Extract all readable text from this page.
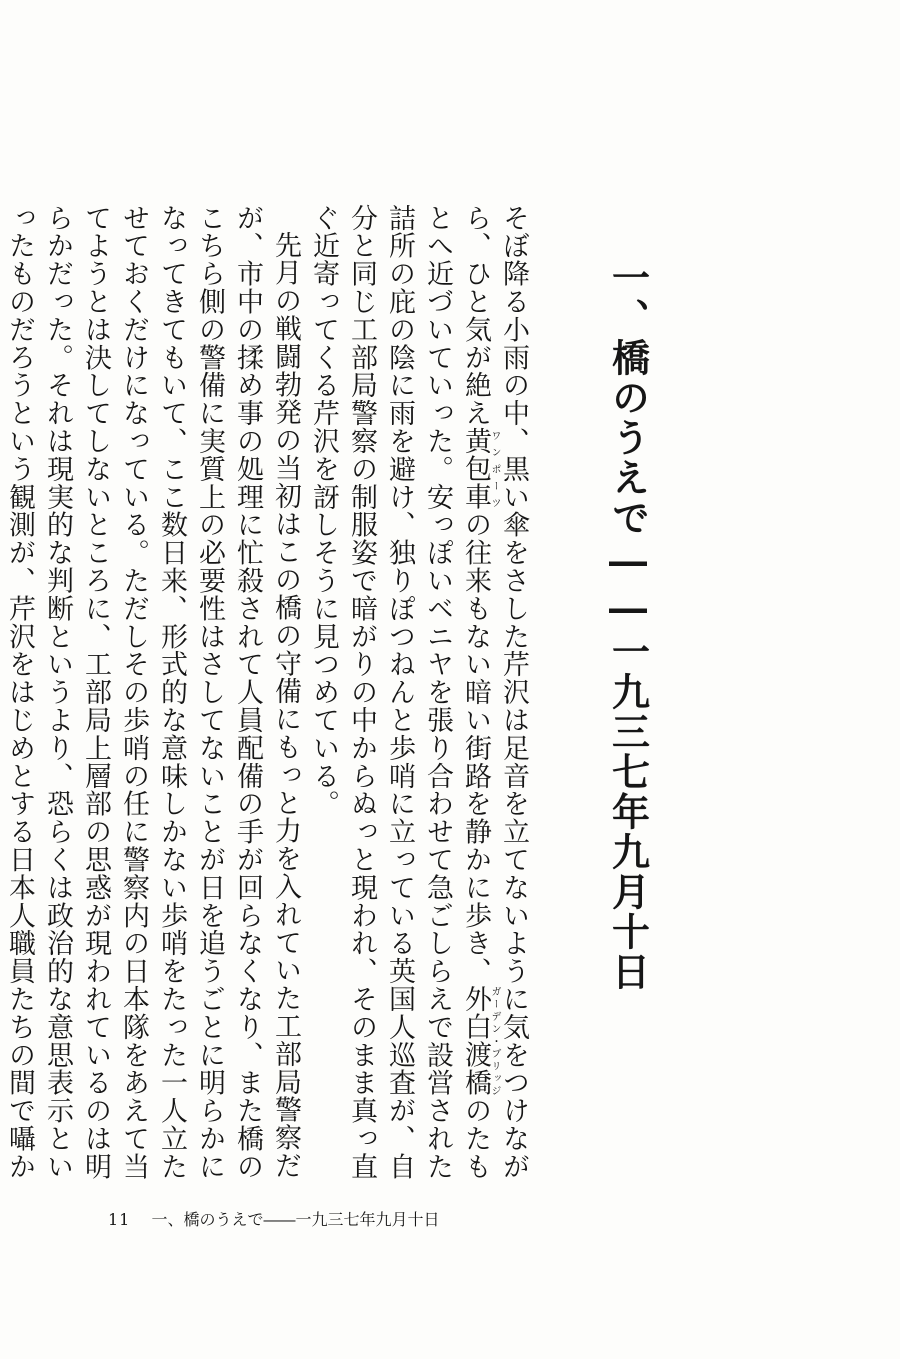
一、橋のうえで――一九三七年九月十日

そぼ降る小雨の中、黒い傘をさした芹沢は足音を立てないように気をつけながら、ひと気が絶え黄包車ワンポーツの往来もない暗い街路を静かに歩き、外白渡橋ガーデン・ブリッジのたもとへ近づいていった。安っぽいベニヤを張り合わせて急ごしらえで設営された詰所の庇の陰に雨を避け、独りぽつねんと歩哨に立っている英国人巡査が、自分と同じ工部局警察の制服姿で暗がりの中からぬっと現われ、そのまま真っ直ぐ近寄ってくる芹沢を訝しそうに見つめている。

先月の戦闘勃発の当初はこの橋の守備にもっと力を入れていた工部局警察だが、市中の揉め事の処理に忙殺されて人員配備の手が回らなくなり、また橋のこちら側の警備に実質上の必要性はさしてないことが日を追うごとに明らかになってきてもいて、ここ数日来、形式的な意味しかない歩哨をたった一人立たせておくだけになっている。ただしその歩哨の任に警察内の日本隊をあえて当てようとは決してしないところに、工部局上層部の思惑が現われているのは明らかだった。それは現実的な判断というより、恐らくは政治的な意思表示といったものだろうという観測が、芹沢をはじめとする日本人職員たちの間で囁か

11 一、橋のうえで――一九三七年九月十日
